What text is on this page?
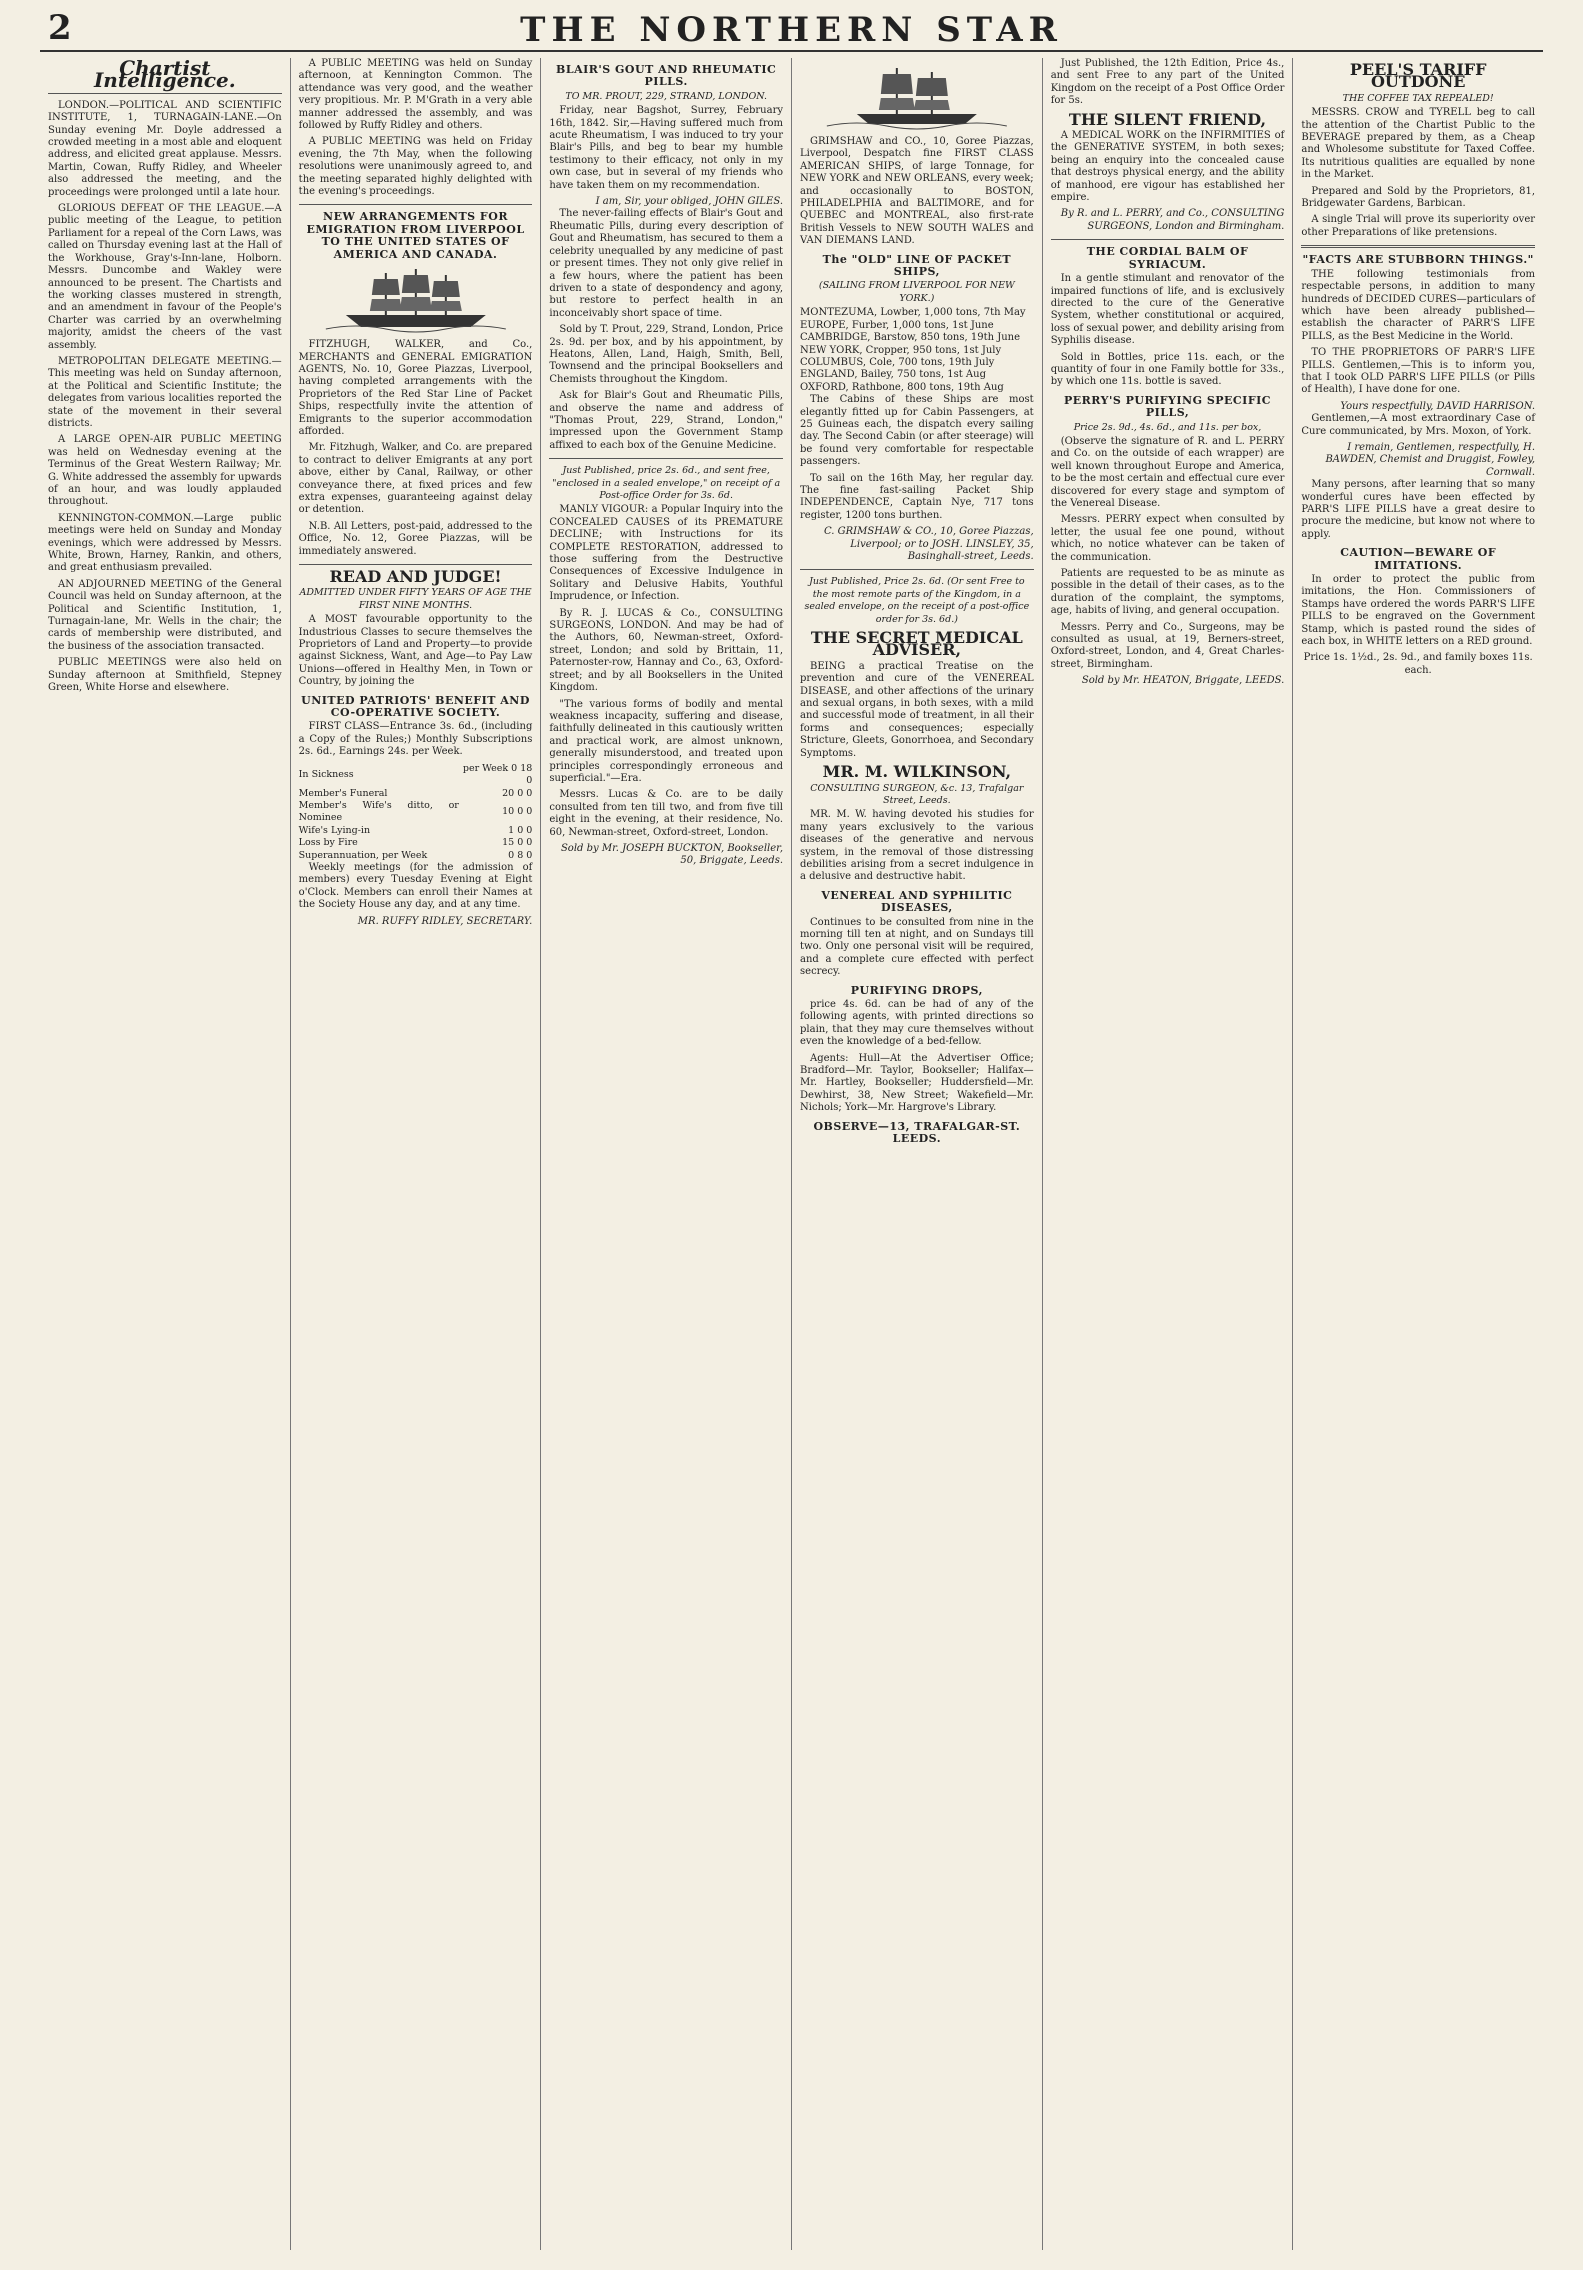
2	THE NORTHERN STAR
Chartist Intelligence.

LONDON.—POLITICAL AND SCIENTIFIC INSTITUTE, 1, TURNAGAIN-LANE.—On Sunday evening Mr. Doyle addressed a crowded meeting in a most able and eloquent address, and elicited great applause. Messrs. Martin, Cowan, Ruffy Ridley, and Wheeler also addressed the meeting, and the proceedings were prolonged until a late hour.

GLORIOUS DEFEAT OF THE LEAGUE.—A public meeting of the League, to petition Parliament for a repeal of the Corn Laws, was called on Thursday evening last at the Hall of the Workhouse, Gray's-Inn-lane, Holborn. Messrs. Duncombe and Wakley were announced to be present. The Chartists and the working classes mustered in strength, and an amendment in favour of the People's Charter was carried by an overwhelming majority, amidst the cheers of the vast assembly.

METROPOLITAN DELEGATE MEETING.—This meeting was held on Sunday afternoon, at the Political and Scientific Institute; the delegates from various localities reported the state of the movement in their several districts.

A LARGE OPEN-AIR PUBLIC MEETING was held on Wednesday evening at the Terminus of the Great Western Railway; Mr. G. White addressed the assembly for upwards of an hour, and was loudly applauded throughout.

KENNINGTON-COMMON.—Large public meetings were held on Sunday and Monday evenings, which were addressed by Messrs. White, Brown, Harney, Rankin, and others, and great enthusiasm prevailed.

AN ADJOURNED MEETING of the General Council was held on Sunday afternoon, at the Political and Scientific Institution, 1, Turnagain-lane, Mr. Wells in the chair; the cards of membership were distributed, and the business of the association transacted.

PUBLIC MEETINGS were also held on Sunday afternoon at Smithfield, Stepney Green, White Horse and elsewhere.

A PUBLIC MEETING was held on Sunday afternoon, at Kennington Common. The attendance was very good, and the weather very propitious. Mr. P. M'Grath in a very able manner addressed the assembly, and was followed by Ruffy Ridley and others.

A PUBLIC MEETING was held on Friday evening, the 7th May, when the following resolutions were unanimously agreed to, and the meeting separated highly delighted with the evening's proceedings.

NEW ARRANGEMENTS FOR EMIGRATION FROM LIVERPOOL TO THE UNITED STATES OF AMERICA AND CANADA.

FITZHUGH, WALKER, and Co., MERCHANTS and GENERAL EMIGRATION AGENTS, No. 10, Goree Piazzas, Liverpool, having completed arrangements with the Proprietors of the Red Star Line of Packet Ships, respectfully invite the attention of Emigrants to the superior accommodation afforded.

Mr. Fitzhugh, Walker, and Co. are prepared to contract to deliver Emigrants at any port above, either by Canal, Railway, or other conveyance there, at fixed prices and few extra expenses, guaranteeing against delay or detention.

N.B. All Letters, post-paid, addressed to the Office, No. 12, Goree Piazzas, will be immediately answered.

READ AND JUDGE!
ADMITTED UNDER FIFTY YEARS OF AGE THE FIRST NINE MONTHS.

A MOST favourable opportunity to the Industrious Classes to secure themselves the Proprietors of Land and Property—to provide against Sickness, Want, and Age—to Pay Law Unions—offered in Healthy Men, in Town or Country, by joining the

UNITED PATRIOTS' BENEFIT AND CO-OPERATIVE SOCIETY.

FIRST CLASS—Entrance 3s. 6d., (including a Copy of the Rules;) Monthly Subscriptions 2s. 6d., Earnings 24s. per Week.

In Sickness	per Week 0 18 0
Member's Funeral	20 0 0
Member's Wife's ditto, or Nominee	10 0 0
Wife's Lying-in	1 0 0
Loss by Fire	15 0 0
Superannuation, per Week	0 8 0

Weekly meetings (for the admission of members) every Tuesday Evening at Eight o'Clock. Members can enroll their Names at the Society House any day, and at any time.

MR. RUFFY RIDLEY, SECRETARY.
BLAIR'S GOUT AND RHEUMATIC PILLS.
TO MR. PROUT, 229, STRAND, LONDON.

Friday, near Bagshot, Surrey, February 16th, 1842. Sir,—Having suffered much from acute Rheumatism, I was induced to try your Blair's Pills, and beg to bear my humble testimony to their efficacy, not only in my own case, but in several of my friends who have taken them on my recommendation.

I am, Sir, your obliged, JOHN GILES.

The never-failing effects of Blair's Gout and Rheumatic Pills, during every description of Gout and Rheumatism, has secured to them a celebrity unequalled by any medicine of past or present times. They not only give relief in a few hours, where the patient has been driven to a state of despondency and agony, but restore to perfect health in an inconceivably short space of time.

Sold by T. Prout, 229, Strand, London, Price 2s. 9d. per box, and by his appointment, by Heatons, Allen, Land, Haigh, Smith, Bell, Townsend and the principal Booksellers and Chemists throughout the Kingdom.

Ask for Blair's Gout and Rheumatic Pills, and observe the name and address of "Thomas Prout, 229, Strand, London," impressed upon the Government Stamp affixed to each box of the Genuine Medicine.

Just Published, price 2s. 6d., and sent free, "enclosed in a sealed envelope," on receipt of a Post-office Order for 3s. 6d.

MANLY VIGOUR: a Popular Inquiry into the CONCEALED CAUSES of its PREMATURE DECLINE; with Instructions for its COMPLETE RESTORATION, addressed to those suffering from the Destructive Consequences of Excessive Indulgence in Solitary and Delusive Habits, Youthful Imprudence, or Infection.

By R. J. LUCAS & Co., CONSULTING SURGEONS, LONDON. And may be had of the Authors, 60, Newman-street, Oxford-street, London; and sold by Brittain, 11, Paternoster-row, Hannay and Co., 63, Oxford-street; and by all Booksellers in the United Kingdom.

"The various forms of bodily and mental weakness incapacity, suffering and disease, faithfully delineated in this cautiously written and practical work, are almost unknown, generally misunderstood, and treated upon principles correspondingly erroneous and superficial."—Era.

Messrs. Lucas & Co. are to be daily consulted from ten till two, and from five till eight in the evening, at their residence, No. 60, Newman-street, Oxford-street, London.

Sold by Mr. JOSEPH BUCKTON, Bookseller, 50, Briggate, Leeds.

GRIMSHAW and CO., 10, Goree Piazzas, Liverpool, Despatch fine FIRST CLASS AMERICAN SHIPS, of large Tonnage, for NEW YORK and NEW ORLEANS, every week; and occasionally to BOSTON, PHILADELPHIA and BALTIMORE, and for QUEBEC and MONTREAL, also first-rate British Vessels to NEW SOUTH WALES and VAN DIEMANS LAND.

The "OLD" LINE OF PACKET SHIPS,
(SAILING FROM LIVERPOOL FOR NEW YORK.)
MONTEZUMA, Lowber, 1,000 tons, 7th May
EUROPE, Furber, 1,000 tons, 1st June
CAMBRIDGE, Barstow, 850 tons, 19th June
NEW YORK, Cropper, 950 tons, 1st July
COLUMBUS, Cole, 700 tons, 19th July
ENGLAND, Bailey, 750 tons, 1st Aug
OXFORD, Rathbone, 800 tons, 19th Aug

The Cabins of these Ships are most elegantly fitted up for Cabin Passengers, at 25 Guineas each, the dispatch every sailing day. The Second Cabin (or after steerage) will be found very comfortable for respectable passengers.

To sail on the 16th May, her regular day. The fine fast-sailing Packet Ship INDEPENDENCE, Captain Nye, 717 tons register, 1200 tons burthen.

C. GRIMSHAW & CO., 10, Goree Piazzas, Liverpool; or to JOSH. LINSLEY, 35, Basinghall-street, Leeds.
Just Published, Price 2s. 6d. (Or sent Free to the most remote parts of the Kingdom, in a sealed envelope, on the receipt of a post-office order for 3s. 6d.)
THE SECRET MEDICAL ADVISER,

BEING a practical Treatise on the prevention and cure of the VENEREAL DISEASE, and other affections of the urinary and sexual organs, in both sexes, with a mild and successful mode of treatment, in all their forms and consequences; especially Stricture, Gleets, Gonorrhoea, and Secondary Symptoms.

MR. M. WILKINSON,
CONSULTING SURGEON, &c. 13, Trafalgar Street, Leeds.

MR. M. W. having devoted his studies for many years exclusively to the various diseases of the generative and nervous system, in the removal of those distressing debilities arising from a secret indulgence in a delusive and destructive habit.

VENEREAL AND SYPHILITIC DISEASES,

Continues to be consulted from nine in the morning till ten at night, and on Sundays till two. Only one personal visit will be required, and a complete cure effected with perfect secrecy.

PURIFYING DROPS,

price 4s. 6d. can be had of any of the following agents, with printed directions so plain, that they may cure themselves without even the knowledge of a bed-fellow.

Agents: Hull—At the Advertiser Office; Bradford—Mr. Taylor, Bookseller; Halifax—Mr. Hartley, Bookseller; Huddersfield—Mr. Dewhirst, 38, New Street; Wakefield—Mr. Nichols; York—Mr. Hargrove's Library.

OBSERVE—13, TRAFALGAR-ST. LEEDS.

Just Published, the 12th Edition, Price 4s., and sent Free to any part of the United Kingdom on the receipt of a Post Office Order for 5s.

THE SILENT FRIEND,

A MEDICAL WORK on the INFIRMITIES of the GENERATIVE SYSTEM, in both sexes; being an enquiry into the concealed cause that destroys physical energy, and the ability of manhood, ere vigour has established her empire.

By R. and L. PERRY, and Co., CONSULTING SURGEONS, London and Birmingham.
THE CORDIAL BALM OF SYRIACUM.

In a gentle stimulant and renovator of the impaired functions of life, and is exclusively directed to the cure of the Generative System, whether constitutional or acquired, loss of sexual power, and debility arising from Syphilis disease.

Sold in Bottles, price 11s. each, or the quantity of four in one Family bottle for 33s., by which one 11s. bottle is saved.

PERRY'S PURIFYING SPECIFIC PILLS,
Price 2s. 9d., 4s. 6d., and 11s. per box,

(Observe the signature of R. and L. PERRY and Co. on the outside of each wrapper) are well known throughout Europe and America, to be the most certain and effectual cure ever discovered for every stage and symptom of the Venereal Disease.

Messrs. PERRY expect when consulted by letter, the usual fee one pound, without which, no notice whatever can be taken of the communication.

Patients are requested to be as minute as possible in the detail of their cases, as to the duration of the complaint, the symptoms, age, habits of living, and general occupation.

Messrs. Perry and Co., Surgeons, may be consulted as usual, at 19, Berners-street, Oxford-street, London, and 4, Great Charles-street, Birmingham.

Sold by Mr. HEATON, Briggate, LEEDS.
PEEL'S TARIFF OUTDONE
THE COFFEE TAX REPEALED!

MESSRS. CROW and TYRELL beg to call the attention of the Chartist Public to the BEVERAGE prepared by them, as a Cheap and Wholesome substitute for Taxed Coffee. Its nutritious qualities are equalled by none in the Market.

Prepared and Sold by the Proprietors, 81, Bridgewater Gardens, Barbican.

A single Trial will prove its superiority over other Preparations of like pretensions.

"FACTS ARE STUBBORN THINGS."

THE following testimonials from respectable persons, in addition to many hundreds of DECIDED CURES—particulars of which have been already published—establish the character of PARR'S LIFE PILLS, as the Best Medicine in the World.

TO THE PROPRIETORS OF PARR'S LIFE PILLS. Gentlemen,—This is to inform you, that I took OLD PARR'S LIFE PILLS (or Pills of Health), I have done for one.

Yours respectfully, DAVID HARRISON.

Gentlemen,—A most extraordinary Case of Cure communicated, by Mrs. Moxon, of York.

I remain, Gentlemen, respectfully, H. BAWDEN, Chemist and Druggist, Fowley, Cornwall.

Many persons, after learning that so many wonderful cures have been effected by PARR'S LIFE PILLS have a great desire to procure the medicine, but know not where to apply.

CAUTION—BEWARE OF IMITATIONS.

In order to protect the public from imitations, the Hon. Commissioners of Stamps have ordered the words PARR'S LIFE PILLS to be engraved on the Government Stamp, which is pasted round the sides of each box, in WHITE letters on a RED ground.

Price 1s. 1½d., 2s. 9d., and family boxes 11s. each.
